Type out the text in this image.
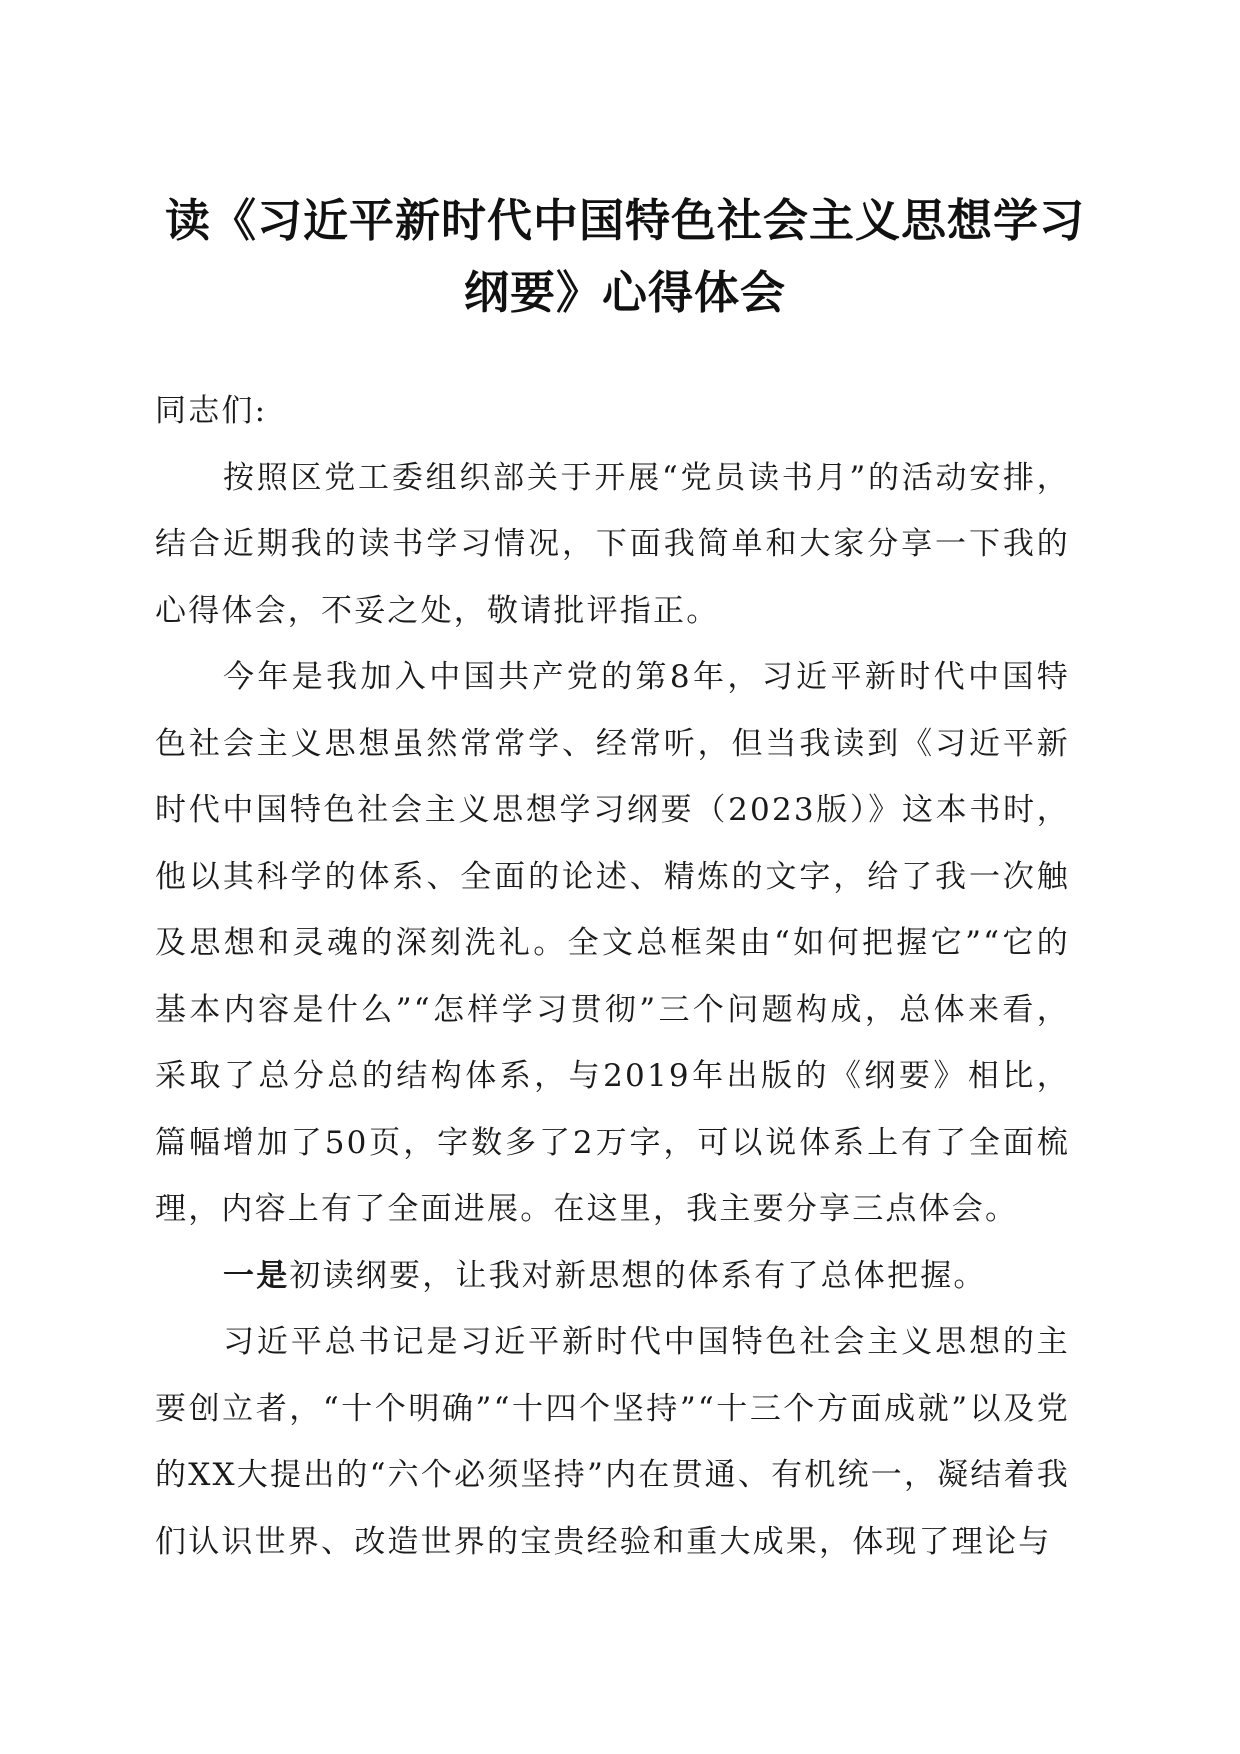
读《习近平新时代中国特色社会主义思想学习
纲要》心得体会

同志们:

按照区党工委组织部关于开展“党员读书月”的活动安排，结合近期我的读书学习情况，下面我简单和大家分享一下我的心得体会，不妥之处，敬请批评指正。

今年是我加入中国共产党的第8年，习近平新时代中国特色社会主义思想虽然常常学、经常听，但当我读到《习近平新时代中国特色社会主义思想学习纲要（2023版）》这本书时，他以其科学的体系、全面的论述、精炼的文字，给了我一次触及思想和灵魂的深刻洗礼。全文总框架由“如何把握它”“它的基本内容是什么”“怎样学习贯彻”三个问题构成，总体来看，采取了总分总的结构体系，与2019年出版的《纲要》相比，篇幅增加了50页，字数多了2万字，可以说体系上有了全面梳理，内容上有了全面进展。在这里，我主要分享三点体会。

一是初读纲要，让我对新思想的体系有了总体把握。

习近平总书记是习近平新时代中国特色社会主义思想的主要创立者，“十个明确”“十四个坚持”“十三个方面成就”以及党的XX大提出的“六个必须坚持”内在贯通、有机统一，凝结着我们认识世界、改造世界的宝贵经验和重大成果，体现了理论与
